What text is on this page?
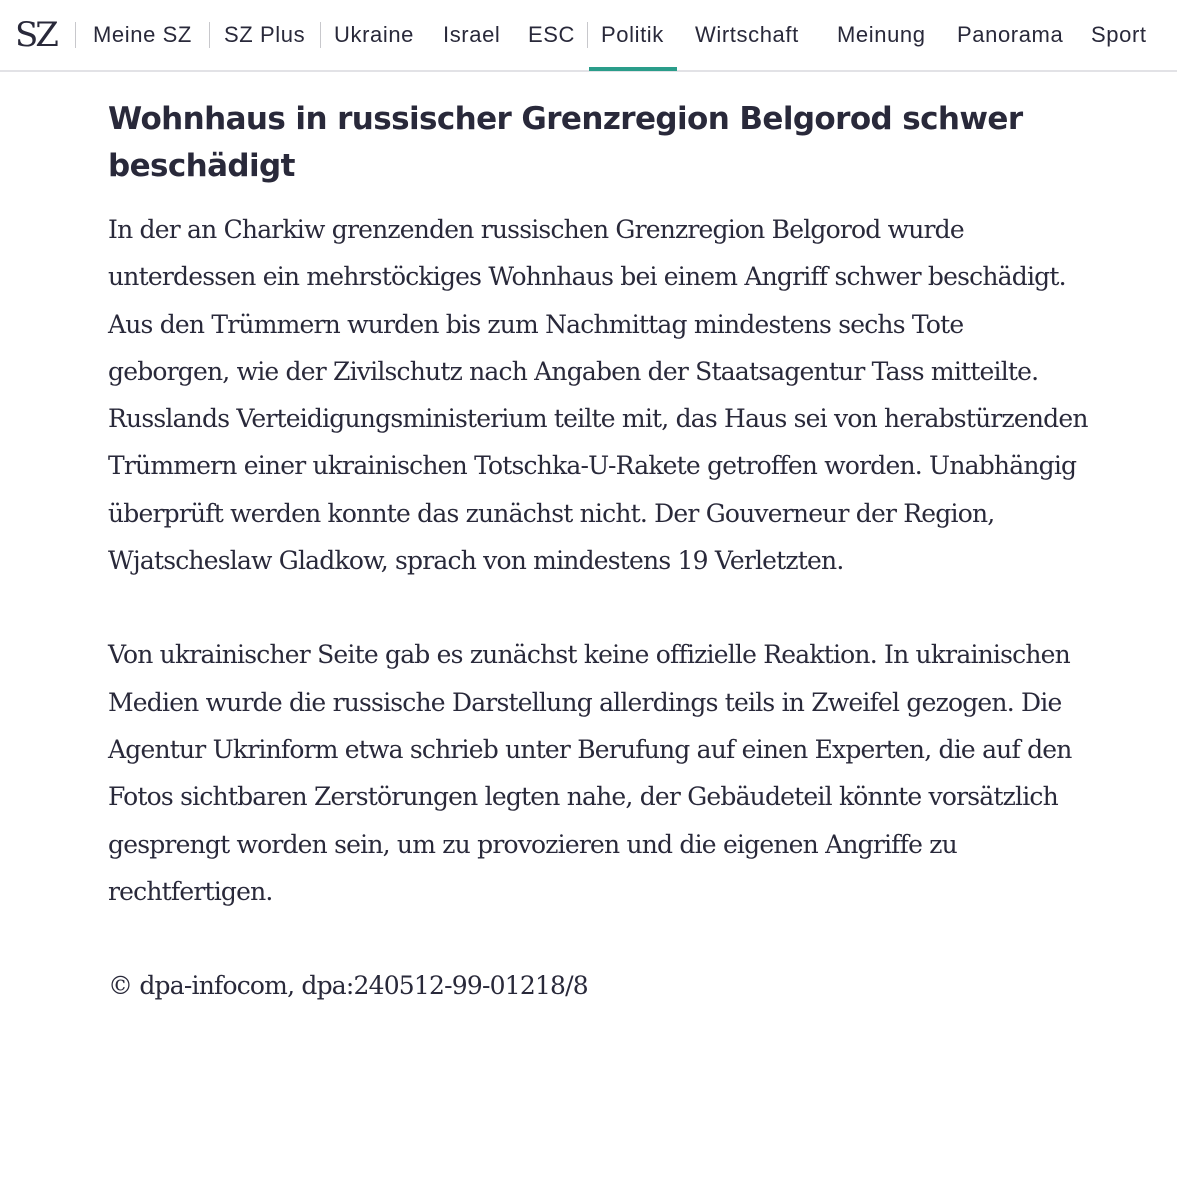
SZ Meine SZ SZ Plus Ukraine Israel ESC Politik Wirtschaft Meinung Panorama Sport
Wohnhaus in russischer Grenzregion Belgorod schwer beschädigt

In der an Charkiw grenzenden russischen Grenzregion Belgorod wurde unterdessen ein mehrstöckiges Wohnhaus bei einem Angriff schwer beschädigt. Aus den Trümmern wurden bis zum Nachmittag mindestens sechs Tote geborgen, wie der Zivilschutz nach Angaben der Staatsagentur Tass mitteilte. Russlands Verteidigungsministerium teilte mit, das Haus sei von herabstürzenden Trümmern einer ukrainischen Totschka-U-Rakete getroffen worden. Unabhängig überprüft werden konnte das zunächst nicht. Der Gouverneur der Region, Wjatscheslaw Gladkow, sprach von mindestens 19 Verletzten.

Von ukrainischer Seite gab es zunächst keine offizielle Reaktion. In ukrainischen Medien wurde die russische Darstellung allerdings teils in Zweifel gezogen. Die Agentur Ukrinform etwa schrieb unter Berufung auf einen Experten, die auf den Fotos sichtbaren Zerstörungen legten nahe, der Gebäudeteil könnte vorsätzlich gesprengt worden sein, um zu provozieren und die eigenen Angriffe zu rechtfertigen.

© dpa-infocom, dpa:240512-99-01218/8
